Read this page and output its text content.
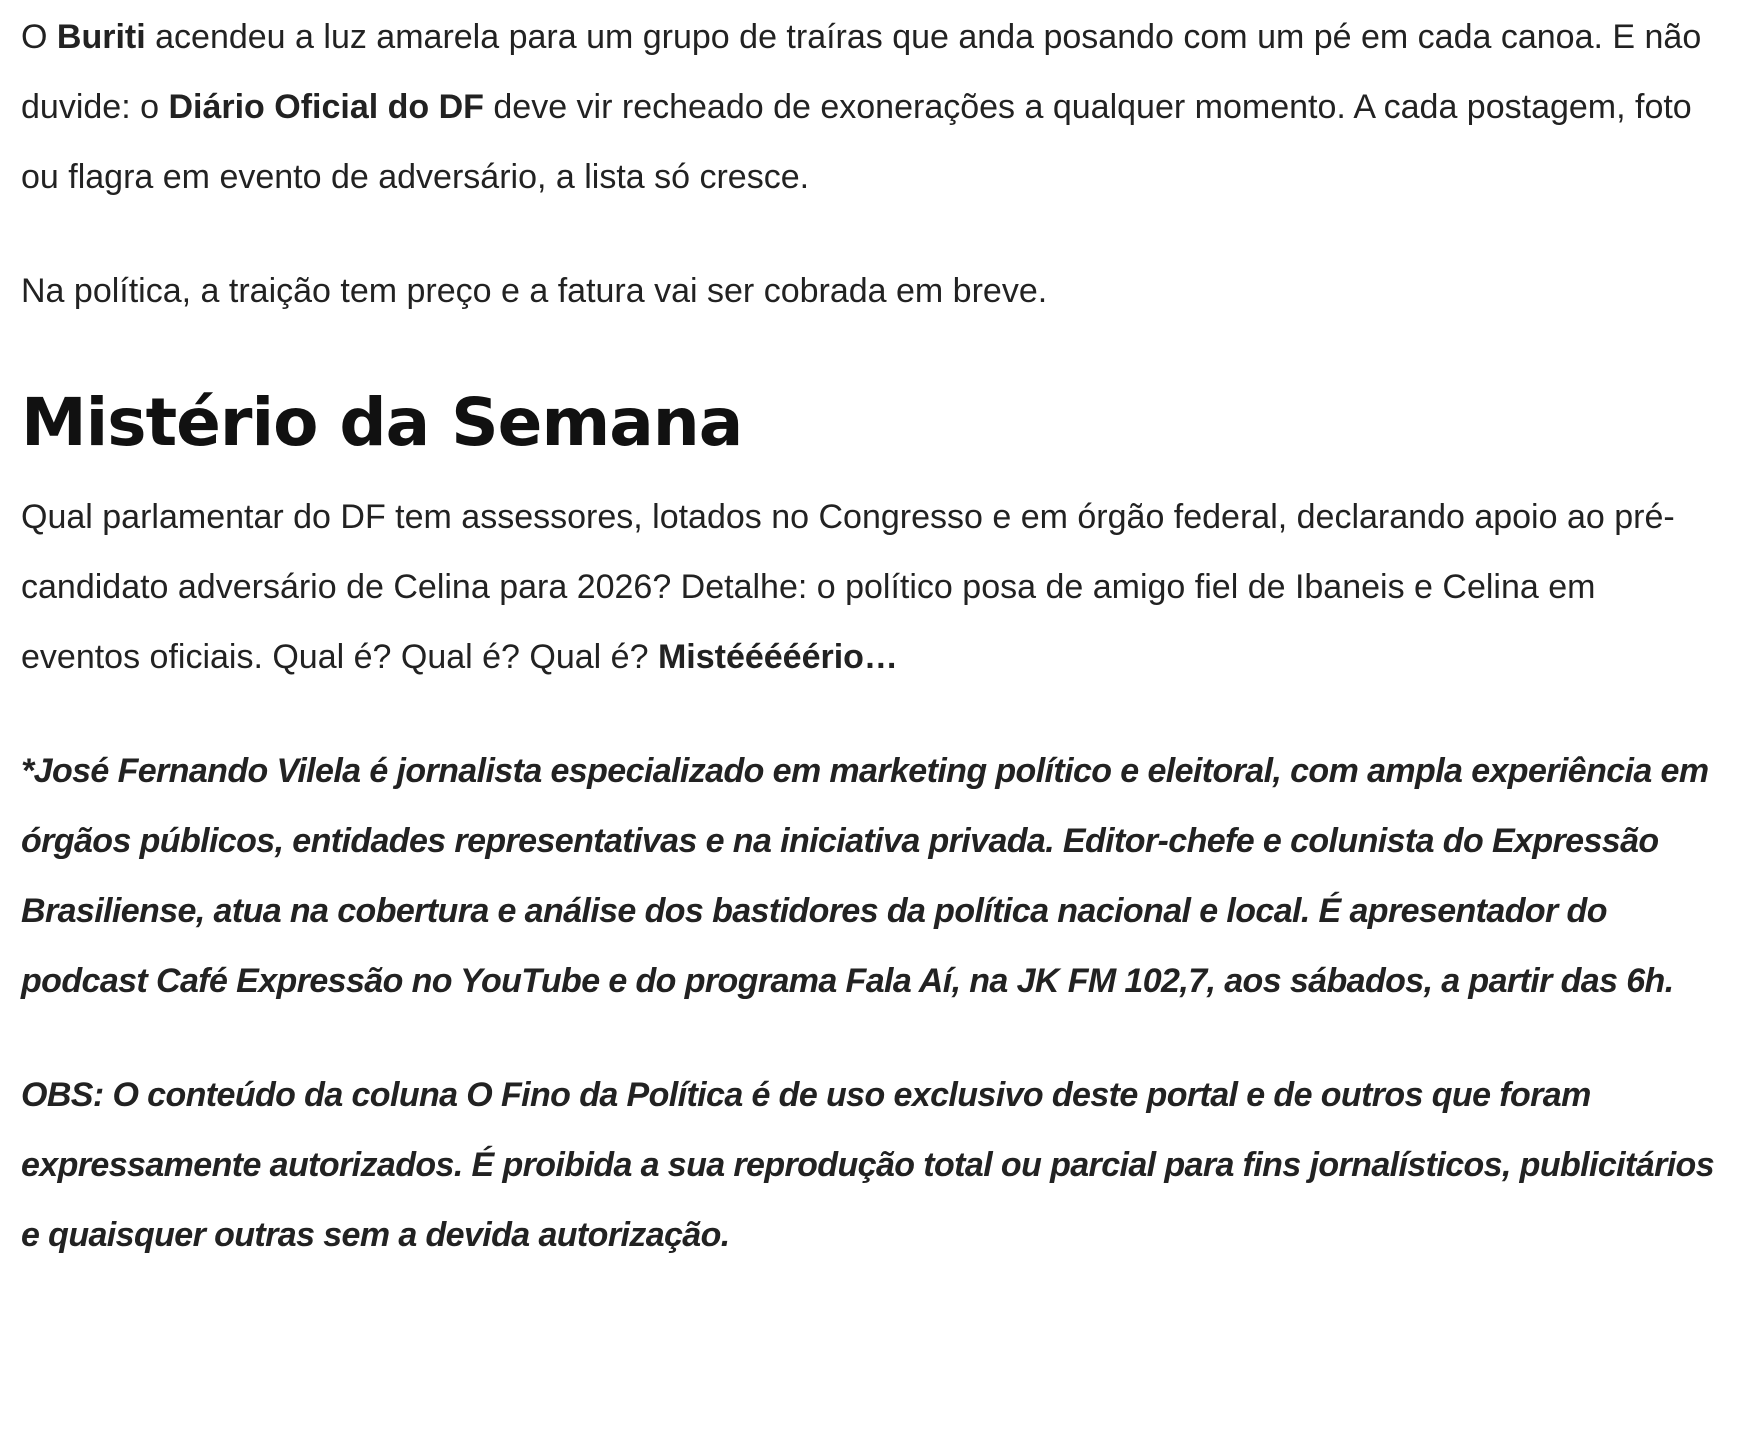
O Buriti acendeu a luz amarela para um grupo de traíras que anda posando com um pé em cada canoa. E não duvide: o Diário Oficial do DF deve vir recheado de exonerações a qualquer momento. A cada postagem, foto ou flagra em evento de adversário, a lista só cresce.

Na política, a traição tem preço e a fatura vai ser cobrada em breve.

Mistério da Semana

Qual parlamentar do DF tem assessores, lotados no Congresso e em órgão federal, declarando apoio ao pré-candidato adversário de Celina para 2026? Detalhe: o político posa de amigo fiel de Ibaneis e Celina em eventos oficiais. Qual é? Qual é? Qual é? Mistééééério…

*José Fernando Vilela é jornalista especializado em marketing político e eleitoral, com ampla experiência em órgãos públicos, entidades representativas e na iniciativa privada. Editor-chefe e colunista do Expressão Brasiliense, atua na cobertura e análise dos bastidores da política nacional e local. É apresentador do podcast Café Expressão no YouTube e do programa Fala Aí, na JK FM 102,7, aos sábados, a partir das 6h.

OBS: O conteúdo da coluna O Fino da Política é de uso exclusivo deste portal e de outros que foram expressamente autorizados. É proibida a sua reprodução total ou parcial para fins jornalísticos, publicitários e quaisquer outras sem a devida autorização.
